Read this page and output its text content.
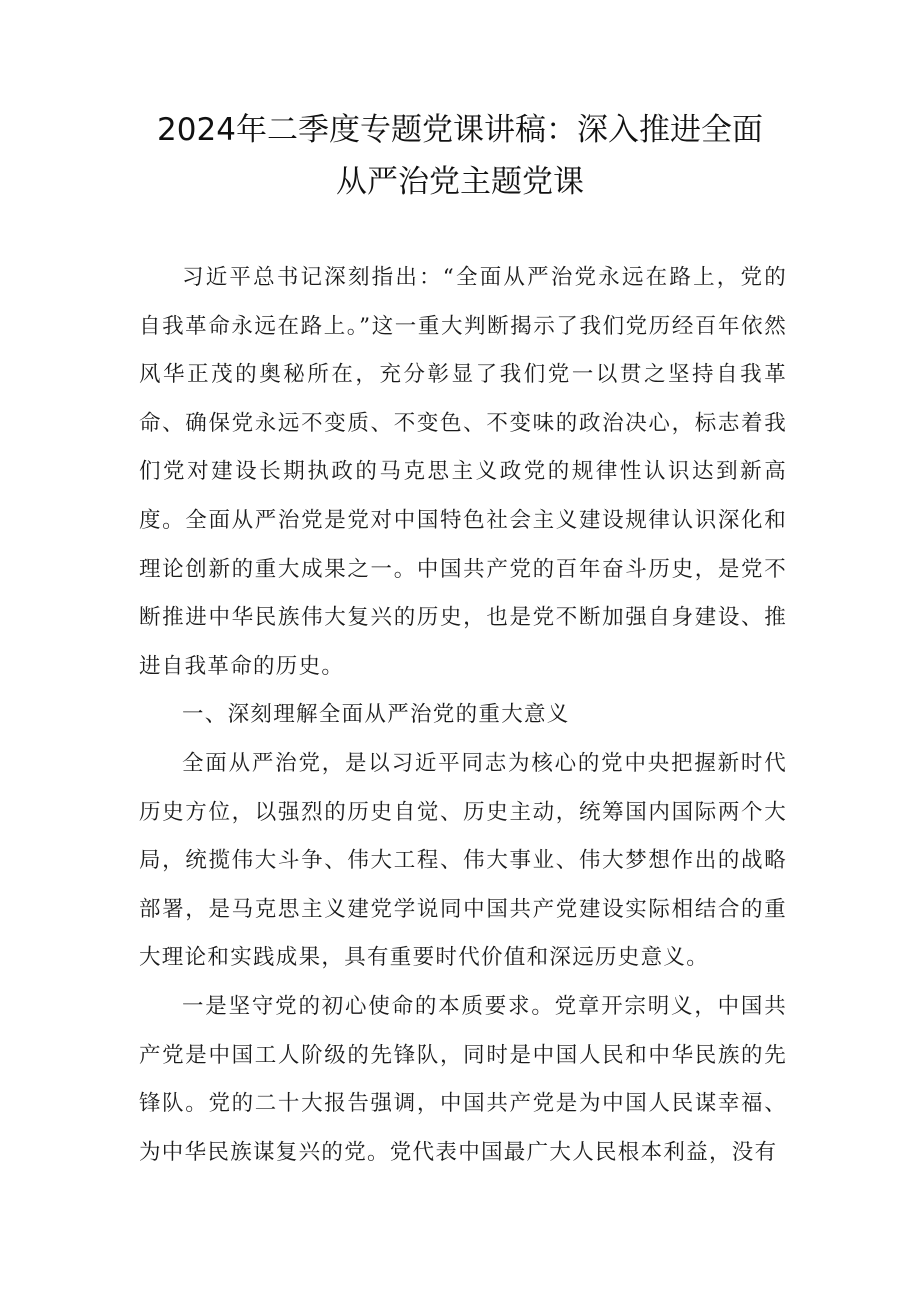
2024年二季度专题党课讲稿：深入推进全面
从严治党主题党课

习近平总书记深刻指出：“全面从严治党永远在路上，党的自我革命永远在路上。”这一重大判断揭示了我们党历经百年依然风华正茂的奥秘所在，充分彰显了我们党一以贯之坚持自我革命、确保党永远不变质、不变色、不变味的政治决心，标志着我们党对建设长期执政的马克思主义政党的规律性认识达到新高度。全面从严治党是党对中国特色社会主义建设规律认识深化和理论创新的重大成果之一。中国共产党的百年奋斗历史，是党不断推进中华民族伟大复兴的历史，也是党不断加强自身建设、推进自我革命的历史。

一、深刻理解全面从严治党的重大意义

全面从严治党，是以习近平同志为核心的党中央把握新时代历史方位，以强烈的历史自觉、历史主动，统筹国内国际两个大局，统揽伟大斗争、伟大工程、伟大事业、伟大梦想作出的战略部署，是马克思主义建党学说同中国共产党建设实际相结合的重大理论和实践成果，具有重要时代价值和深远历史意义。

一是坚守党的初心使命的本质要求。党章开宗明义，中国共产党是中国工人阶级的先锋队，同时是中国人民和中华民族的先锋队。党的二十大报告强调，中国共产党是为中国人民谋幸福、为中华民族谋复兴的党。党代表中国最广大人民根本利益，没有
